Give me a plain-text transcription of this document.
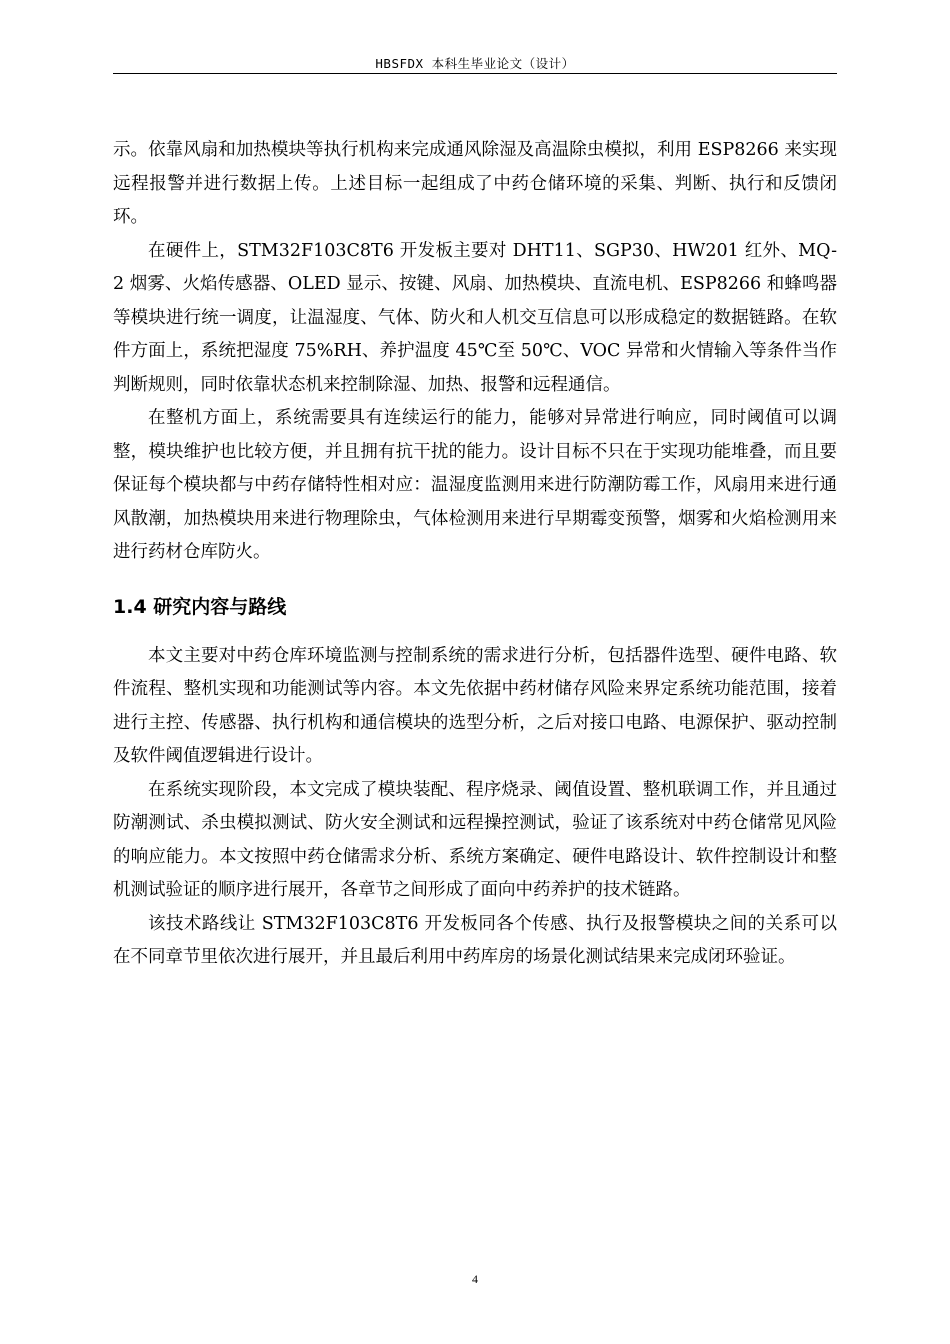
HBSFDX 本科生毕业论文（设计）

示。依靠风扇和加热模块等执行机构来完成通风除湿及高温除虫模拟，利用 ESP8266 来实现远程报警并进行数据上传。上述目标一起组成了中药仓储环境的采集、判断、执行和反馈闭环。

在硬件上，STM32F103C8T6 开发板主要对 DHT11、SGP30、HW201 红外、MQ-2 烟雾、火焰传感器、OLED 显示、按键、风扇、加热模块、直流电机、ESP8266 和蜂鸣器等模块进行统一调度，让温湿度、气体、防火和人机交互信息可以形成稳定的数据链路。在软件方面上，系统把湿度 75%RH、养护温度 45℃至 50℃、VOC 异常和火情输入等条件当作判断规则，同时依靠状态机来控制除湿、加热、报警和远程通信。

在整机方面上，系统需要具有连续运行的能力，能够对异常进行响应，同时阈值可以调整，模块维护也比较方便，并且拥有抗干扰的能力。设计目标不只在于实现功能堆叠，而且要保证每个模块都与中药存储特性相对应：温湿度监测用来进行防潮防霉工作，风扇用来进行通风散潮，加热模块用来进行物理除虫，气体检测用来进行早期霉变预警，烟雾和火焰检测用来进行药材仓库防火。

1.4 研究内容与路线

本文主要对中药仓库环境监测与控制系统的需求进行分析，包括器件选型、硬件电路、软件流程、整机实现和功能测试等内容。本文先依据中药材储存风险来界定系统功能范围，接着进行主控、传感器、执行机构和通信模块的选型分析，之后对接口电路、电源保护、驱动控制及软件阈值逻辑进行设计。

在系统实现阶段，本文完成了模块装配、程序烧录、阈值设置、整机联调工作，并且通过防潮测试、杀虫模拟测试、防火安全测试和远程操控测试，验证了该系统对中药仓储常见风险的响应能力。本文按照中药仓储需求分析、系统方案确定、硬件电路设计、软件控制设计和整机测试验证的顺序进行展开，各章节之间形成了面向中药养护的技术链路。

该技术路线让 STM32F103C8T6 开发板同各个传感、执行及报警模块之间的关系可以在不同章节里依次进行展开，并且最后利用中药库房的场景化测试结果来完成闭环验证。

4
